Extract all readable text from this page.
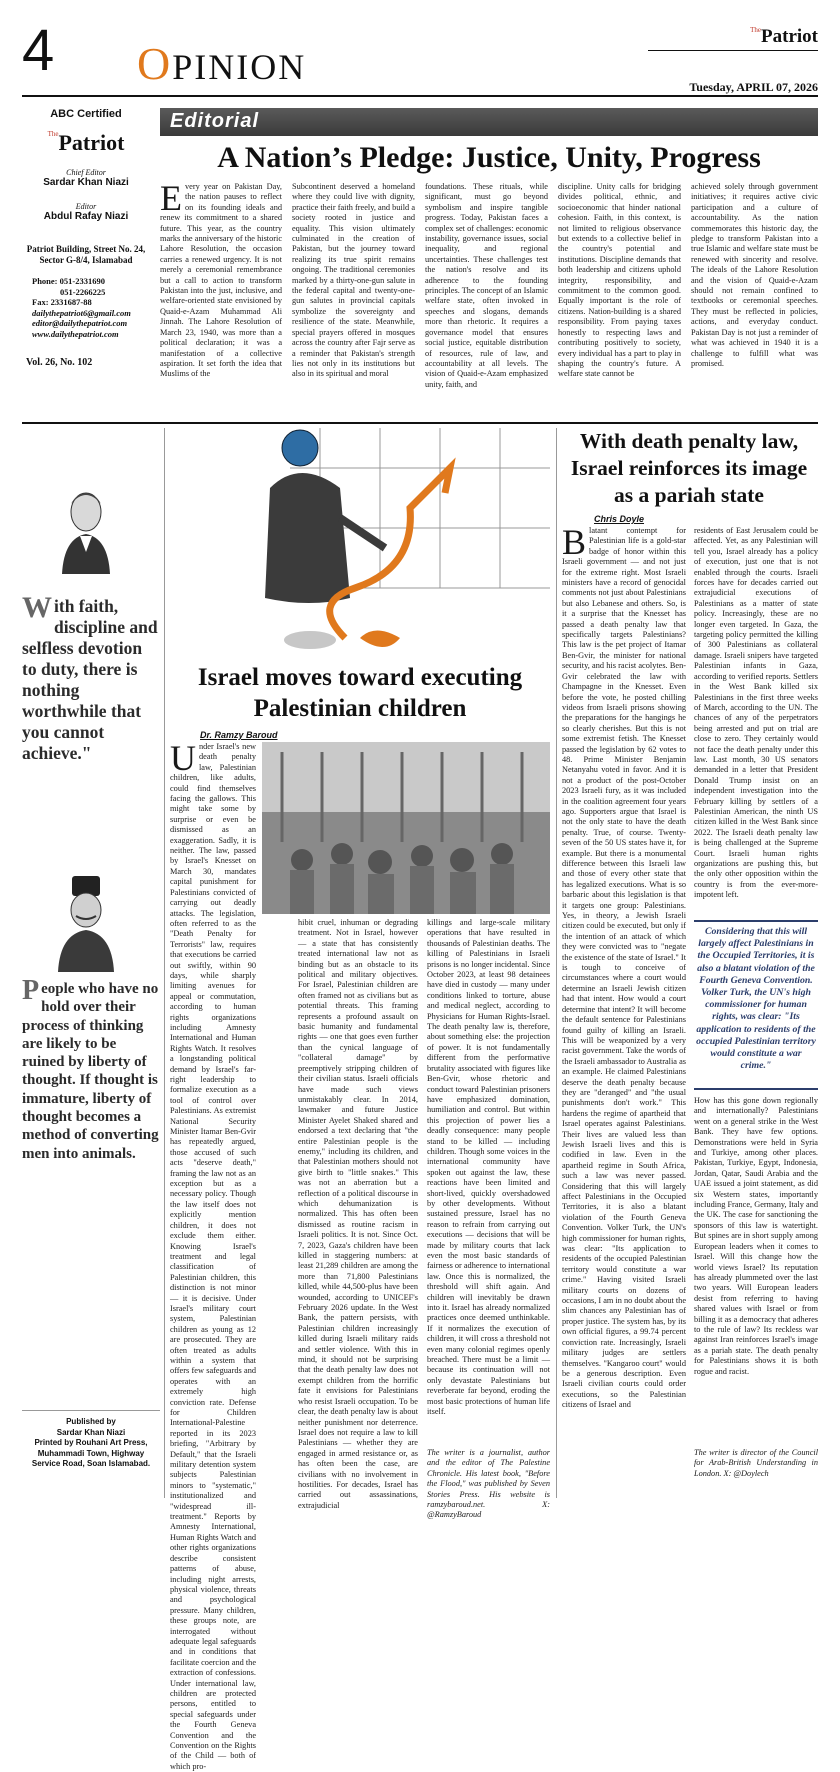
4 OPINION
$^{The}$Patriot
Tuesday, APRIL 07, 2026
ABC Certified
$^{The}$Patriot
Chief Editor
Sardar Khan Niazi
Editor
Abdul Rafay Niazi
Patriot Building, Street No. 24, Sector G-8/4, Islamabad
Phone: 051-2331690
051-2266225
Fax: 2331687-88
dailythepatriot6@gmail.com
editor@dailythepatriot.com
www.dailythepatriot.com
Vol. 26, No. 102
Editorial
A Nation’s Pledge: Justice, Unity, Progress
Every year on Pakistan Day, the nation pauses to reflect on its founding ideals and renew its commitment to a shared future. This year, as the country marks the anniversary of the historic Lahore Resolution, the occasion carries a renewed urgency. It is not merely a ceremonial remembrance but a call to action to transform Pakistan into the just, inclusive, and welfare-oriented state envisioned by Quaid-e-Azam Muhammad Ali Jinnah. The Lahore Resolution of March 23, 1940, was more than a political declaration; it was a manifestation of a collective aspiration. It set forth the idea that Muslims of the
Subcontinent deserved a homeland where they could live with dignity, practice their faith freely, and build a society rooted in justice and equality. This vision ultimately culminated in the creation of Pakistan, but the journey toward realizing its true spirit remains ongoing. The traditional ceremonies marked by a thirty-one-gun salute in the federal capital and twenty-one-gun salutes in provincial capitals symbolize the sovereignty and resilience of the state. Meanwhile, special prayers offered in mosques across the country after Fajr serve as a reminder that Pakistan's strength lies not only in its institutions but also in its spiritual and moral
foundations. These rituals, while significant, must go beyond symbolism and inspire tangible progress. Today, Pakistan faces a complex set of challenges: economic instability, governance issues, social inequality, and regional uncertainties. These challenges test the nation's resolve and its adherence to the founding principles. The concept of an Islamic welfare state, often invoked in speeches and slogans, demands more than rhetoric. It requires a governance model that ensures social justice, equitable distribution of resources, rule of law, and accountability at all levels. The vision of Quaid-e-Azam emphasized unity, faith, and
discipline. Unity calls for bridging divides political, ethnic, and socioeconomic that hinder national cohesion. Faith, in this context, is not limited to religious observance but extends to a collective belief in the country's potential and institutions. Discipline demands that both leadership and citizens uphold integrity, responsibility, and commitment to the common good. Equally important is the role of citizens. Nation-building is a shared responsibility. From paying taxes honestly to respecting laws and contributing positively to society, every individual has a part to play in shaping the country's future. A welfare state cannot be
achieved solely through government initiatives; it requires active civic participation and a culture of accountability. As the nation commemorates this historic day, the pledge to transform Pakistan into a true Islamic and welfare state must be renewed with sincerity and resolve. The ideals of the Lahore Resolution and the vision of Quaid-e-Azam should not remain confined to textbooks or ceremonial speeches. They must be reflected in policies, actions, and everyday conduct. Pakistan Day is not just a reminder of what was achieved in 1940 it is a challenge to fulfill what was promised.
With faith, discipline and selfless devotion to duty, there is nothing worthwhile that you cannot achieve."
People who have no hold over their process of thinking are likely to be ruined by liberty of thought. If thought is immature, liberty of thought becomes a method of converting men into animals.
Published by
Sardar Khan Niazi
Printed by Rouhani Art Press,
Muhammadi Town, Highway
Service Road, Soan Islamabad.
Israel moves toward executing Palestinian children
Dr. Ramzy Baroud
Under Israel's new death penalty law, Palestinian children, like adults, could find themselves facing the gallows. This might take some by surprise or even be dismissed as an exaggeration. Sadly, it is neither. The law, passed by Israel's Knesset on March 30, mandates capital punishment for Palestinians convicted of carrying out deadly attacks. The legislation, often referred to as the "Death Penalty for Terrorists" law, requires that executions be carried out swiftly, within 90 days, while sharply limiting avenues for appeal or commutation, according to human rights organizations including Amnesty International and Human Rights Watch. It resolves a longstanding political demand by Israel's far-right leadership to formalize execution as a tool of control over Palestinians. As extremist National Security Minister Itamar Ben-Gvir has repeatedly argued, those accused of such acts "deserve death," framing the law not as an exception but as a necessary policy. Though the law itself does not explicitly mention children, it does not exclude them either. Knowing Israel's treatment and legal classification of Palestinian children, this distinction is not minor — it is decisive. Under Israel's military court system, Palestinian children as young as 12 are prosecuted. They are often treated as adults within a system that offers few safeguards and operates with an extremely high conviction rate. Defense for Children International-Palestine reported in its 2023 briefing, "Arbitrary by Default," that the Israeli military detention system subjects Palestinian minors to "systematic," institutionalized and "widespread ill-treatment." Reports by Amnesty International, Human Rights Watch and other rights organizations describe consistent patterns of abuse, including night arrests, physical violence, threats and psychological pressure. Many children, these groups note, are interrogated without adequate legal safeguards and in conditions that facilitate coercion and the extraction of confessions. Under international law, children are protected persons, entitled to special safeguards under the Fourth Geneva Convention and the Convention on the Rights of the Child — both of which pro-
hibit cruel, inhuman or degrading treatment. Not in Israel, however — a state that has consistently treated international law not as binding but as an obstacle to its political and military objectives. For Israel, Palestinian children are often framed not as civilians but as potential threats. This framing represents a profound assault on basic humanity and fundamental rights — one that goes even further than the cynical language of "collateral damage" by preemptively stripping children of their civilian status. Israeli officials have made such views unmistakably clear. In 2014, lawmaker and future Justice Minister Ayelet Shaked shared and endorsed a text declaring that "the entire Palestinian people is the enemy," including its children, and that Palestinian mothers should not give birth to "little snakes." This was not an aberration but a reflection of a political discourse in which dehumanization is normalized. This has often been dismissed as routine racism in Israeli politics. It is not. Since Oct. 7, 2023, Gaza's children have been killed in staggering numbers: at least 21,289 children are among the more than 71,800 Palestinians killed, while 44,500-plus have been wounded, according to UNICEF's February 2026 update. In the West Bank, the pattern persists, with Palestinian children increasingly killed during Israeli military raids and settler violence. With this in mind, it should not be surprising that the death penalty law does not exempt children from the horrific fate it envisions for Palestinians who resist Israeli occupation. To be clear, the death penalty law is about neither punishment nor deterrence. Israel does not require a law to kill Palestinians — whether they are engaged in armed resistance or, as has often been the case, are civilians with no involvement in hostilities. For decades, Israel has carried out assassinations, extrajudicial
killings and large-scale military operations that have resulted in thousands of Palestinian deaths. The killing of Palestinians in Israeli prisons is no longer incidental. Since October 2023, at least 98 detainees have died in custody — many under conditions linked to torture, abuse and medical neglect, according to Physicians for Human Rights-Israel. The death penalty law is, therefore, about something else: the projection of power. It is not fundamentally different from the performative brutality associated with figures like Ben-Gvir, whose rhetoric and conduct toward Palestinian prisoners have emphasized domination, humiliation and control. But within this projection of power lies a deadly consequence: many people stand to be killed — including children. Though some voices in the international community have spoken out against the law, these reactions have been limited and short-lived, quickly overshadowed by other developments. Without sustained pressure, Israel has no reason to refrain from carrying out executions — decisions that will be made by military courts that lack even the most basic standards of fairness or adherence to international law. Once this is normalized, the threshold will shift again. And children will inevitably be drawn into it. Israel has already normalized practices once deemed unthinkable. If it normalizes the execution of children, it will cross a threshold not even many colonial regimes openly breached. There must be a limit — because its continuation will not only devastate Palestinians but reverberate far beyond, eroding the most basic protections of human life itself.
The writer is a journalist, author and the editor of The Palestine Chronicle. His latest book, "Before the Flood," was published by Seven Stories Press. His website is ramzybaroud.net. X: @RamzyBaroud
With death penalty law, Israel reinforces its image as a pariah state
Chris Doyle
Blatant contempt for Palestinian life is a gold-star badge of honor within this Israeli government — and not just for the extreme right. Most Israeli ministers have a record of genocidal comments not just about Palestinians but also Lebanese and others. So, is it a surprise that the Knesset has passed a death penalty law that specifically targets Palestinians? This law is the pet project of Itamar Ben-Gvir, the minister for national security, and his racist acolytes. Ben-Gvir celebrated the law with Champagne in the Knesset. Even before the vote, he posted chilling videos from Israeli prisons showing the preparations for the hangings he so clearly cherishes. But this is not some extremist fetish. The Knesset passed the legislation by 62 votes to 48. Prime Minister Benjamin Netanyahu voted in favor. And it is not a product of the post-October 2023 Israeli fury, as it was included in the coalition agreement four years ago. Supporters argue that Israel is not the only state to have the death penalty. True, of course. Twenty-seven of the 50 US states have it, for example. But there is a monumental difference between this Israeli law and those of every other state that has legalized executions. What is so barbaric about this legislation is that it targets one group: Palestinians. Yes, in theory, a Jewish Israeli citizen could be executed, but only if the intention of an attack of which they were convicted was to "negate the existence of the state of Israel." It is tough to conceive of circumstances where a court would determine an Israeli Jewish citizen had that intent. How would a court determine that intent? It will become the default sentence for Palestinians found guilty of killing an Israeli. This will be weaponized by a very racist government. Take the words of the Israeli ambassador to Australia as an example. He claimed Palestinians deserve the death penalty because they are "deranged" and "the usual punishments don't work." This hardens the regime of apartheid that Israel operates against Palestinians. Their lives are valued less than Jewish Israeli lives and this is codified in law. Even in the apartheid regime in South Africa, such a law was never passed. Considering that this will largely affect Palestinians in the Occupied Territories, it is also a blatant violation of the Fourth Geneva Convention. Volker Turk, the UN's high commissioner for human rights, was clear: "Its application to residents of the occupied Palestinian territory would constitute a war crime." Having visited Israeli military courts on dozens of occasions, I am in no doubt about the slim chances any Palestinian has of proper justice. The system has, by its own official figures, a 99.74 percent conviction rate. Increasingly, Israeli military judges are settlers themselves. "Kangaroo court" would be a generous description. Even Israeli civilian courts could order executions, so the Palestinian citizens of Israel and
residents of East Jerusalem could be affected. Yet, as any Palestinian will tell you, Israel already has a policy of execution, just one that is not enabled through the courts. Israeli forces have for decades carried out extrajudicial executions of Palestinians as a matter of state policy. Increasingly, these are no longer even targeted. In Gaza, the targeting policy permitted the killing of 300 Palestinians as collateral damage. Israeli snipers have targeted Palestinian infants in Gaza, according to verified reports. Settlers in the West Bank killed six Palestinians in the first three weeks of March, according to the UN. The chances of any of the perpetrators being arrested and put on trial are close to zero. They certainly would not face the death penalty under this law. Last month, 30 US senators demanded in a letter that President Donald Trump insist on an independent investigation into the February killing by settlers of a Palestinian American, the ninth US citizen killed in the West Bank since 2022. The Israeli death penalty law is being challenged at the Supreme Court. Israeli human rights organizations are pushing this, but the only other opposition within the country is from the ever-more-impotent left.
Considering that this will largely affect Palestinians in the Occupied Territories, it is also a blatant violation of the Fourth Geneva Convention. Volker Turk, the UN's high commissioner for human rights, was clear: "Its application to residents of the occupied Palestinian territory would constitute a war crime."
How has this gone down regionally and internationally? Palestinians went on a general strike in the West Bank. They have few options. Demonstrations were held in Syria and Turkiye, among other places. Pakistan, Turkiye, Egypt, Indonesia, Jordan, Qatar, Saudi Arabia and the UAE issued a joint statement, as did six Western states, importantly including France, Germany, Italy and the UK. The case for sanctioning the sponsors of this law is watertight. But spines are in short supply among European leaders when it comes to Israel. Will this change how the world views Israel? Its reputation has already plummeted over the last two years. Will European leaders desist from referring to having shared values with Israel or from billing it as a democracy that adheres to the rule of law? Its reckless war against Iran reinforces Israel's image as a pariah state. The death penalty for Palestinians shows it is both rogue and racist.
The writer is director of the Council for Arab-British Understanding in London. X: @Doylech
